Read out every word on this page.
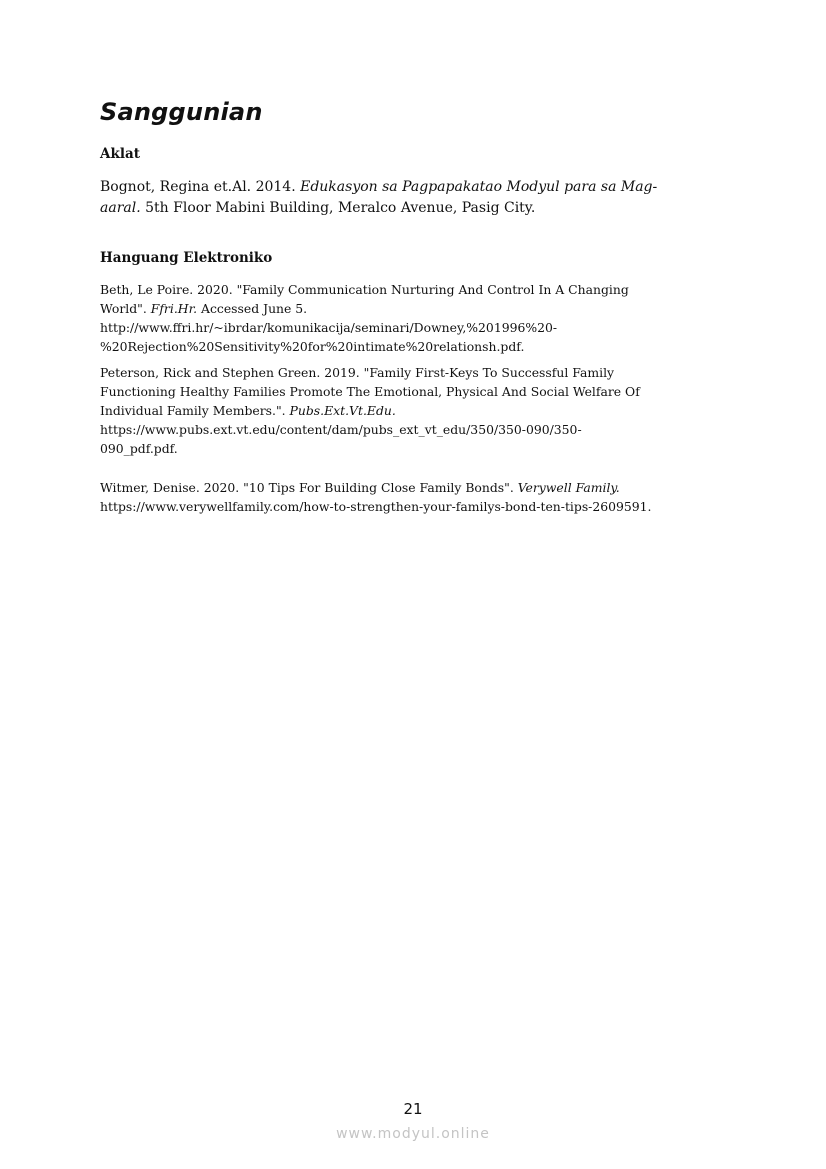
Sanggunian
Aklat

Bognot, Regina et.Al. 2014. Edukasyon sa Pagpapakatao Modyul para sa Mag-
aaral. 5th Floor Mabini Building, Meralco Avenue, Pasig City.

Hanguang Elektroniko

Beth, Le Poire. 2020. "Family Communication Nurturing And Control In A Changing
World". Ffri.Hr. Accessed June 5.
http://www.ffri.hr/~ibrdar/komunikacija/seminari/Downey,%201996%20-
%20Rejection%20Sensitivity%20for%20intimate%20relationsh.pdf.

Peterson, Rick and Stephen Green. 2019. "Family First-Keys To Successful Family
Functioning Healthy Families Promote The Emotional, Physical And Social Welfare Of
Individual Family Members.". Pubs.Ext.Vt.Edu.
https://www.pubs.ext.vt.edu/content/dam/pubs_ext_vt_edu/350/350-090/350-
090_pdf.pdf.

Witmer, Denise. 2020. "10 Tips For Building Close Family Bonds". Verywell Family.
https://www.verywellfamily.com/how-to-strengthen-your-familys-bond-ten-tips-2609591.

21
www.modyul.online
